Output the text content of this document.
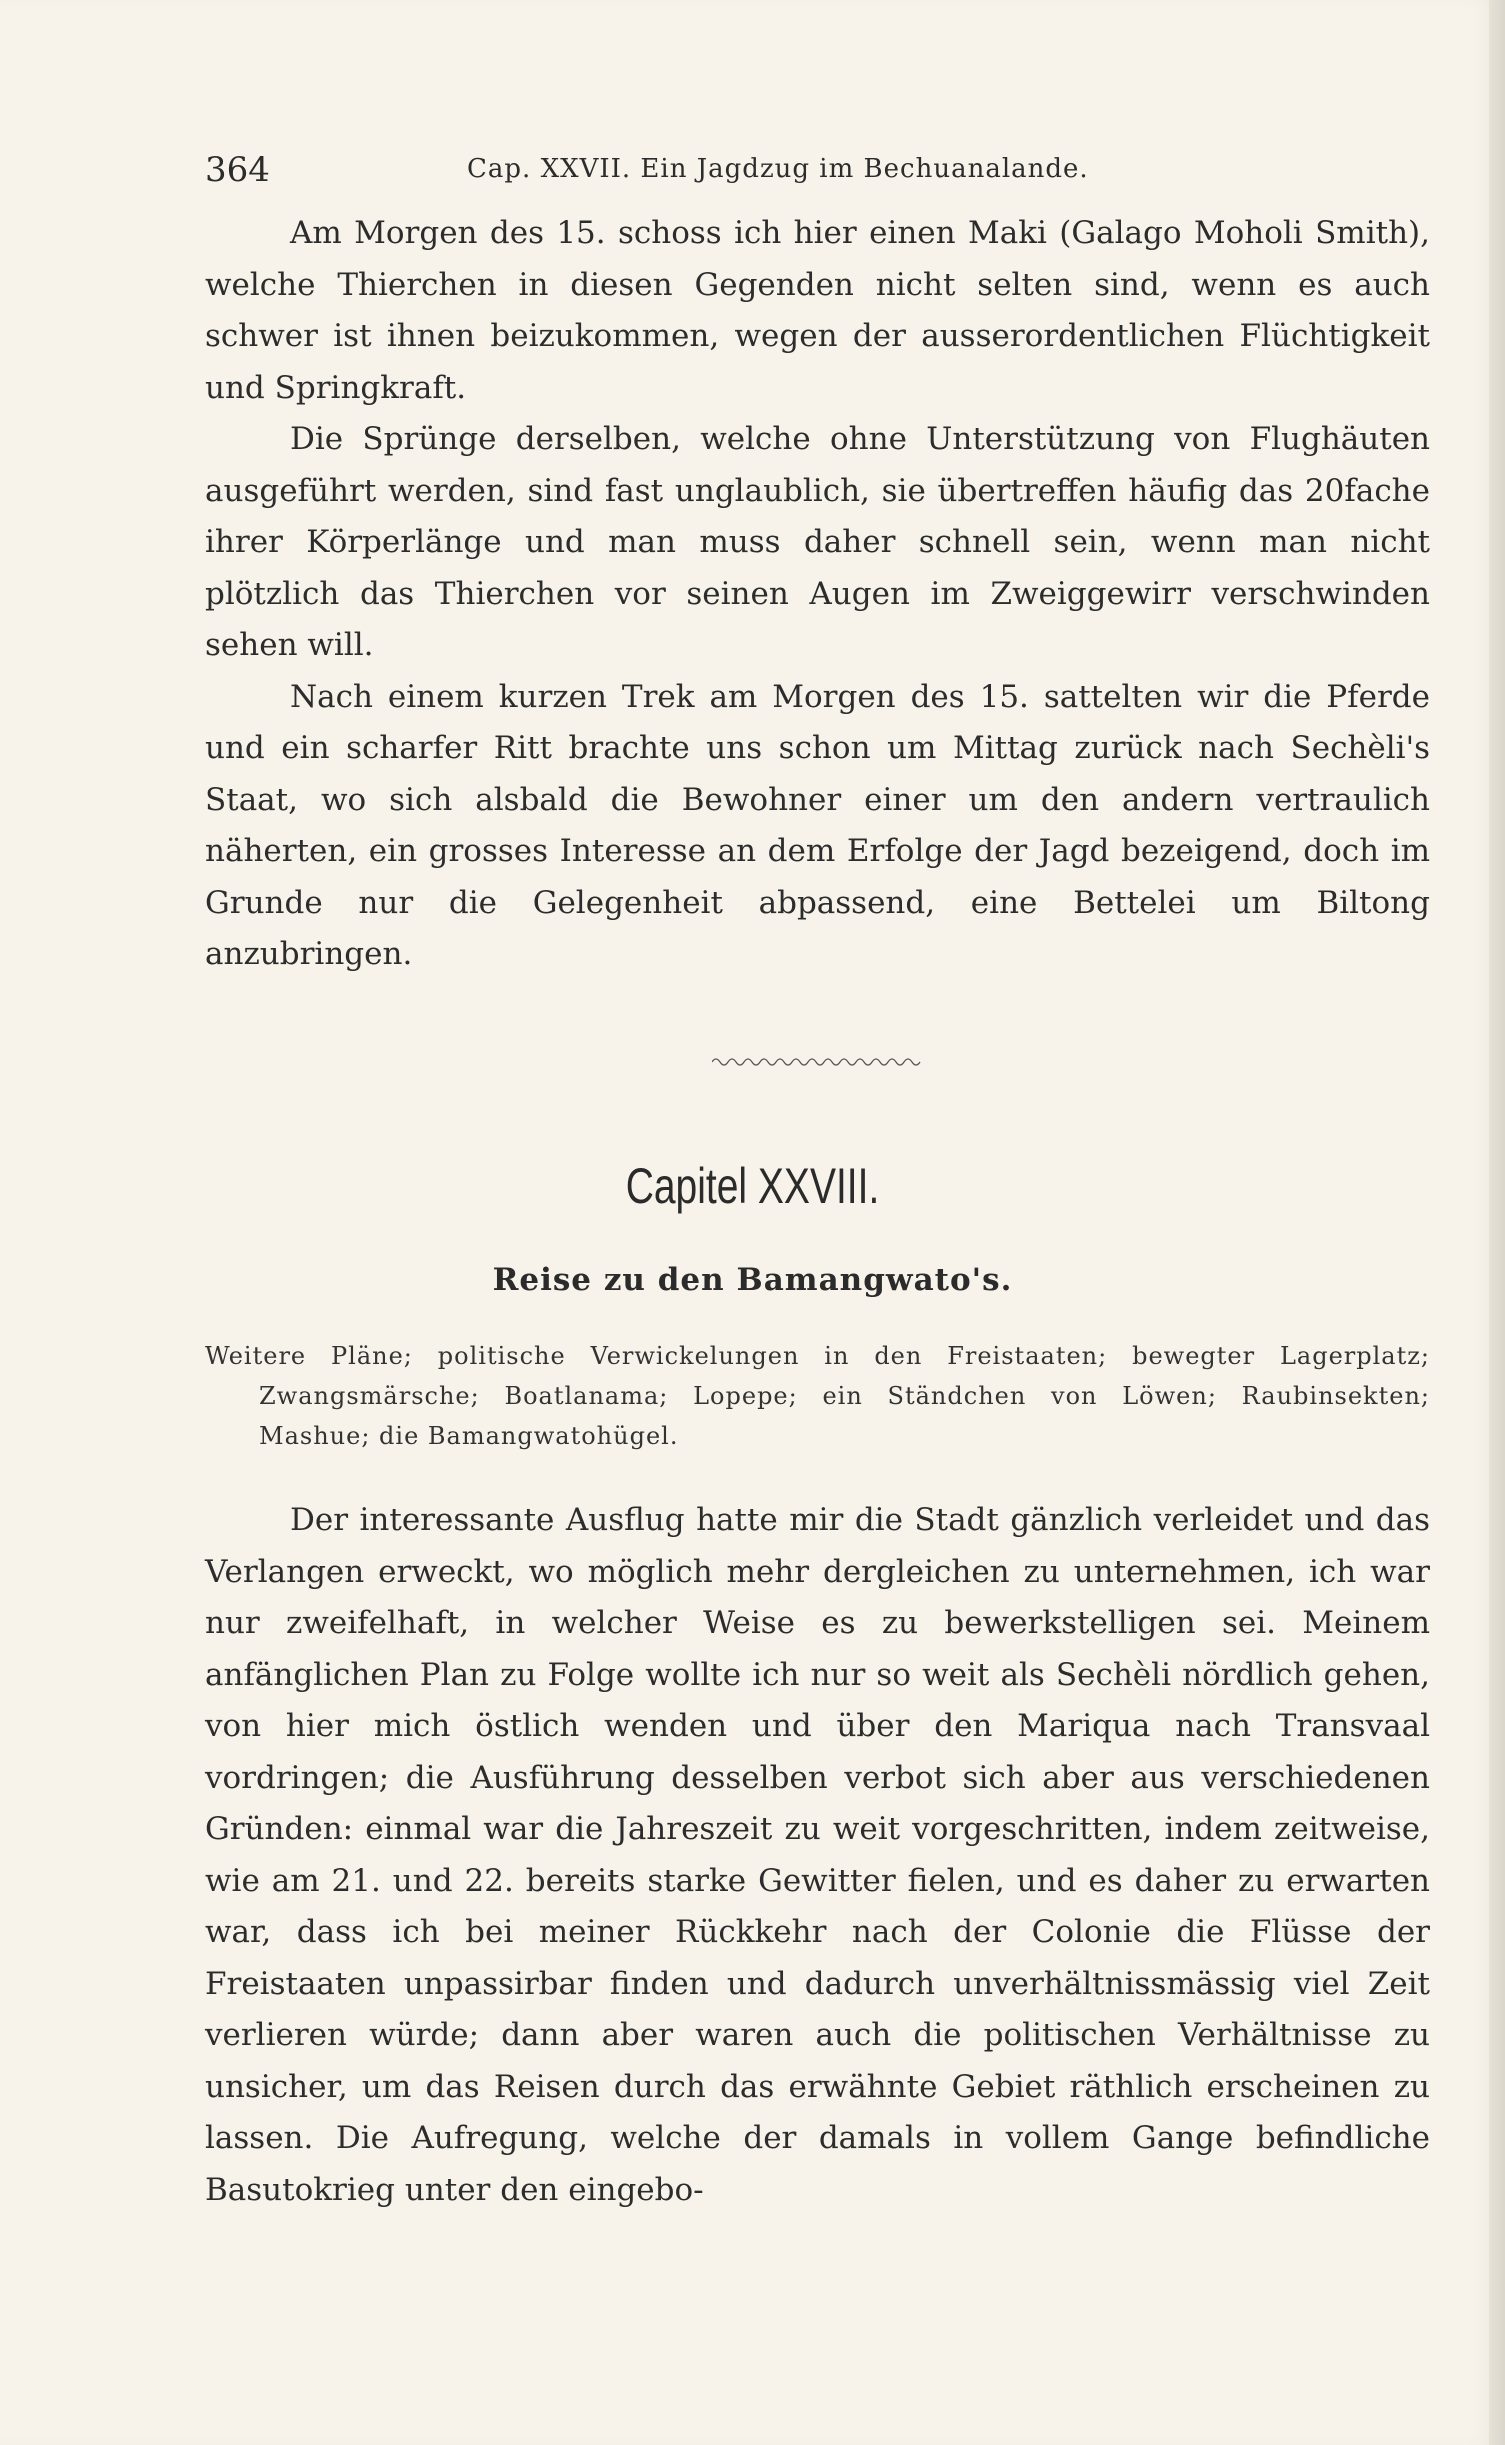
364	Cap. XXVII. Ein Jagdzug im Bechuanalande.

Am Morgen des 15. schoss ich hier einen Maki (Galago Moholi Smith), welche Thierchen in diesen Gegenden nicht selten sind, wenn es auch schwer ist ihnen beizukommen, wegen der ausserordentlichen Flüchtigkeit und Springkraft.

Die Sprünge derselben, welche ohne Unterstützung von Flughäuten ausgeführt werden, sind fast unglaublich, sie übertreffen häufig das 20fache ihrer Körperlänge und man muss daher schnell sein, wenn man nicht plötzlich das Thierchen vor seinen Augen im Zweiggewirr verschwinden sehen will.

Nach einem kurzen Trek am Morgen des 15. sattelten wir die Pferde und ein scharfer Ritt brachte uns schon um Mittag zurück nach Sechèli's Staat, wo sich alsbald die Bewohner einer um den andern vertraulich näherten, ein grosses Interesse an dem Erfolge der Jagd bezeigend, doch im Grunde nur die Gelegenheit abpassend, eine Bettelei um Biltong anzubringen.

Capitel XXVIII.
Reise zu den Bamangwato's.
Weitere Pläne; politische Verwickelungen in den Freistaaten; bewegter Lagerplatz; Zwangsmärsche; Boatlanama; Lopepe; ein Ständchen von Löwen; Raubinsekten; Mashue; die Bamangwatohügel.

Der interessante Ausflug hatte mir die Stadt gänzlich verleidet und das Verlangen erweckt, wo möglich mehr dergleichen zu unternehmen, ich war nur zweifelhaft, in welcher Weise es zu bewerkstelligen sei. Meinem anfänglichen Plan zu Folge wollte ich nur so weit als Sechèli nördlich gehen, von hier mich östlich wenden und über den Mariqua nach Transvaal vordringen; die Ausführung desselben verbot sich aber aus verschiedenen Gründen: einmal war die Jahreszeit zu weit vorgeschritten, indem zeitweise, wie am 21. und 22. bereits starke Gewitter fielen, und es daher zu erwarten war, dass ich bei meiner Rückkehr nach der Colonie die Flüsse der Freistaaten unpassirbar finden und dadurch unverhältnissmässig viel Zeit verlieren würde; dann aber waren auch die politischen Verhältnisse zu unsicher, um das Reisen durch das erwähnte Gebiet räthlich erscheinen zu lassen. Die Aufregung, welche der damals in vollem Gange befindliche Basutokrieg unter den eingebo-
